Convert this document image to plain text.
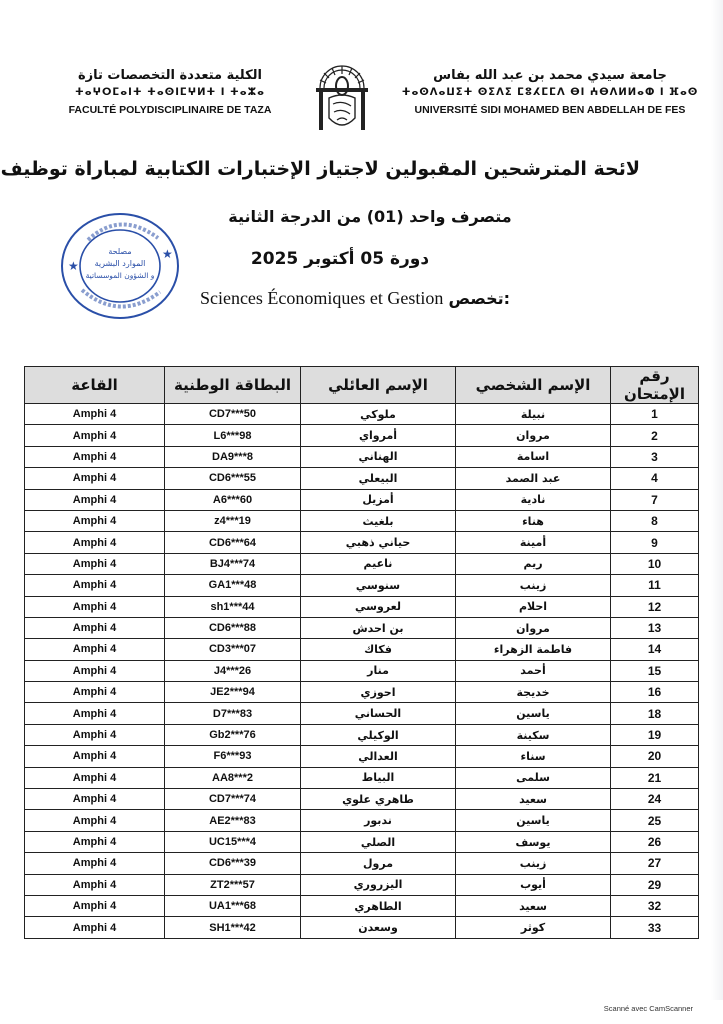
الكلية متعددة التخصصات تازة
ⵜⴰⵖⵔⵎⴰⵏⵜ ⵜⴰⵙⵏⵎⵖⵍⵜ ⵏ ⵜⴰⵣⴰ
FACULTÉ POLYDISCIPLINAIRE DE TAZA
جامعة سيدي محمد بن عبد الله بفاس
ⵜⴰⵙⴷⴰⵡⵉⵜ ⵙⵉⴷⵉ ⵎⵓⵃⵎⵎⴷ ⴱⵏ ⵄⴱⴷⵍⵍⴰⵀ ⵏ ⴼⴰⵙ
UNIVERSITÉ SIDI MOHAMED BEN ABDELLAH DE FES
لائحة المترشحين المقبولين لاجتياز الإختبارات الكتابية لمباراة توظيف
متصرف واحد (01) من الدرجة الثانية
دورة 05 أكتوبر 2025
Sciences Économiques et Gestion تخصص:
★
★
مصلحة
الموارد البشرية
و الشؤون الموسساتية
رقم الإمتحان	الإسم الشخصي	الإسم العائلي	البطاقة الوطنية	القاعة
1	نبيلة	ملوكي	CD7***50	Amphi 4
2	مروان	أمرواي	L6***98	Amphi 4
3	اسامة	الهناني	DA9***8	Amphi 4
4	عبد الصمد	البيعلي	CD6***55	Amphi 4
7	نادية	أمزيل	A6***60	Amphi 4
8	هناء	بلغيث	z4***19	Amphi 4
9	أمينة	حياني ذهبي	CD6***64	Amphi 4
10	ريم	ناعيم	BJ4***74	Amphi 4
11	زينب	سنوسي	GA1***48	Amphi 4
12	احلام	لعروسي	sh1***44	Amphi 4
13	مروان	بن احدش	CD6***88	Amphi 4
14	فاطمة الزهراء	فكاك	CD3***07	Amphi 4
15	أحمد	منار	J4***26	Amphi 4
16	خديجة	احوزي	JE2***94	Amphi 4
18	ياسين	الحساني	D7***83	Amphi 4
19	سكينة	الوكيلي	Gb2***76	Amphi 4
20	سناء	العدالي	F6***93	Amphi 4
21	سلمى	البياط	AA8***2	Amphi 4
24	سعيد	طاهري علوي	CD7***74	Amphi 4
25	ياسين	ندبور	AE2***83	Amphi 4
26	يوسف	الصلي	UC15***4	Amphi 4
27	زينب	مرول	CD6***39	Amphi 4
29	أيوب	اليزروري	ZT2***57	Amphi 4
32	سعيد	الطاهري	UA1***68	Amphi 4
33	كوثر	وسعدن	SH1***42	Amphi 4
Scanné avec CamScanner
